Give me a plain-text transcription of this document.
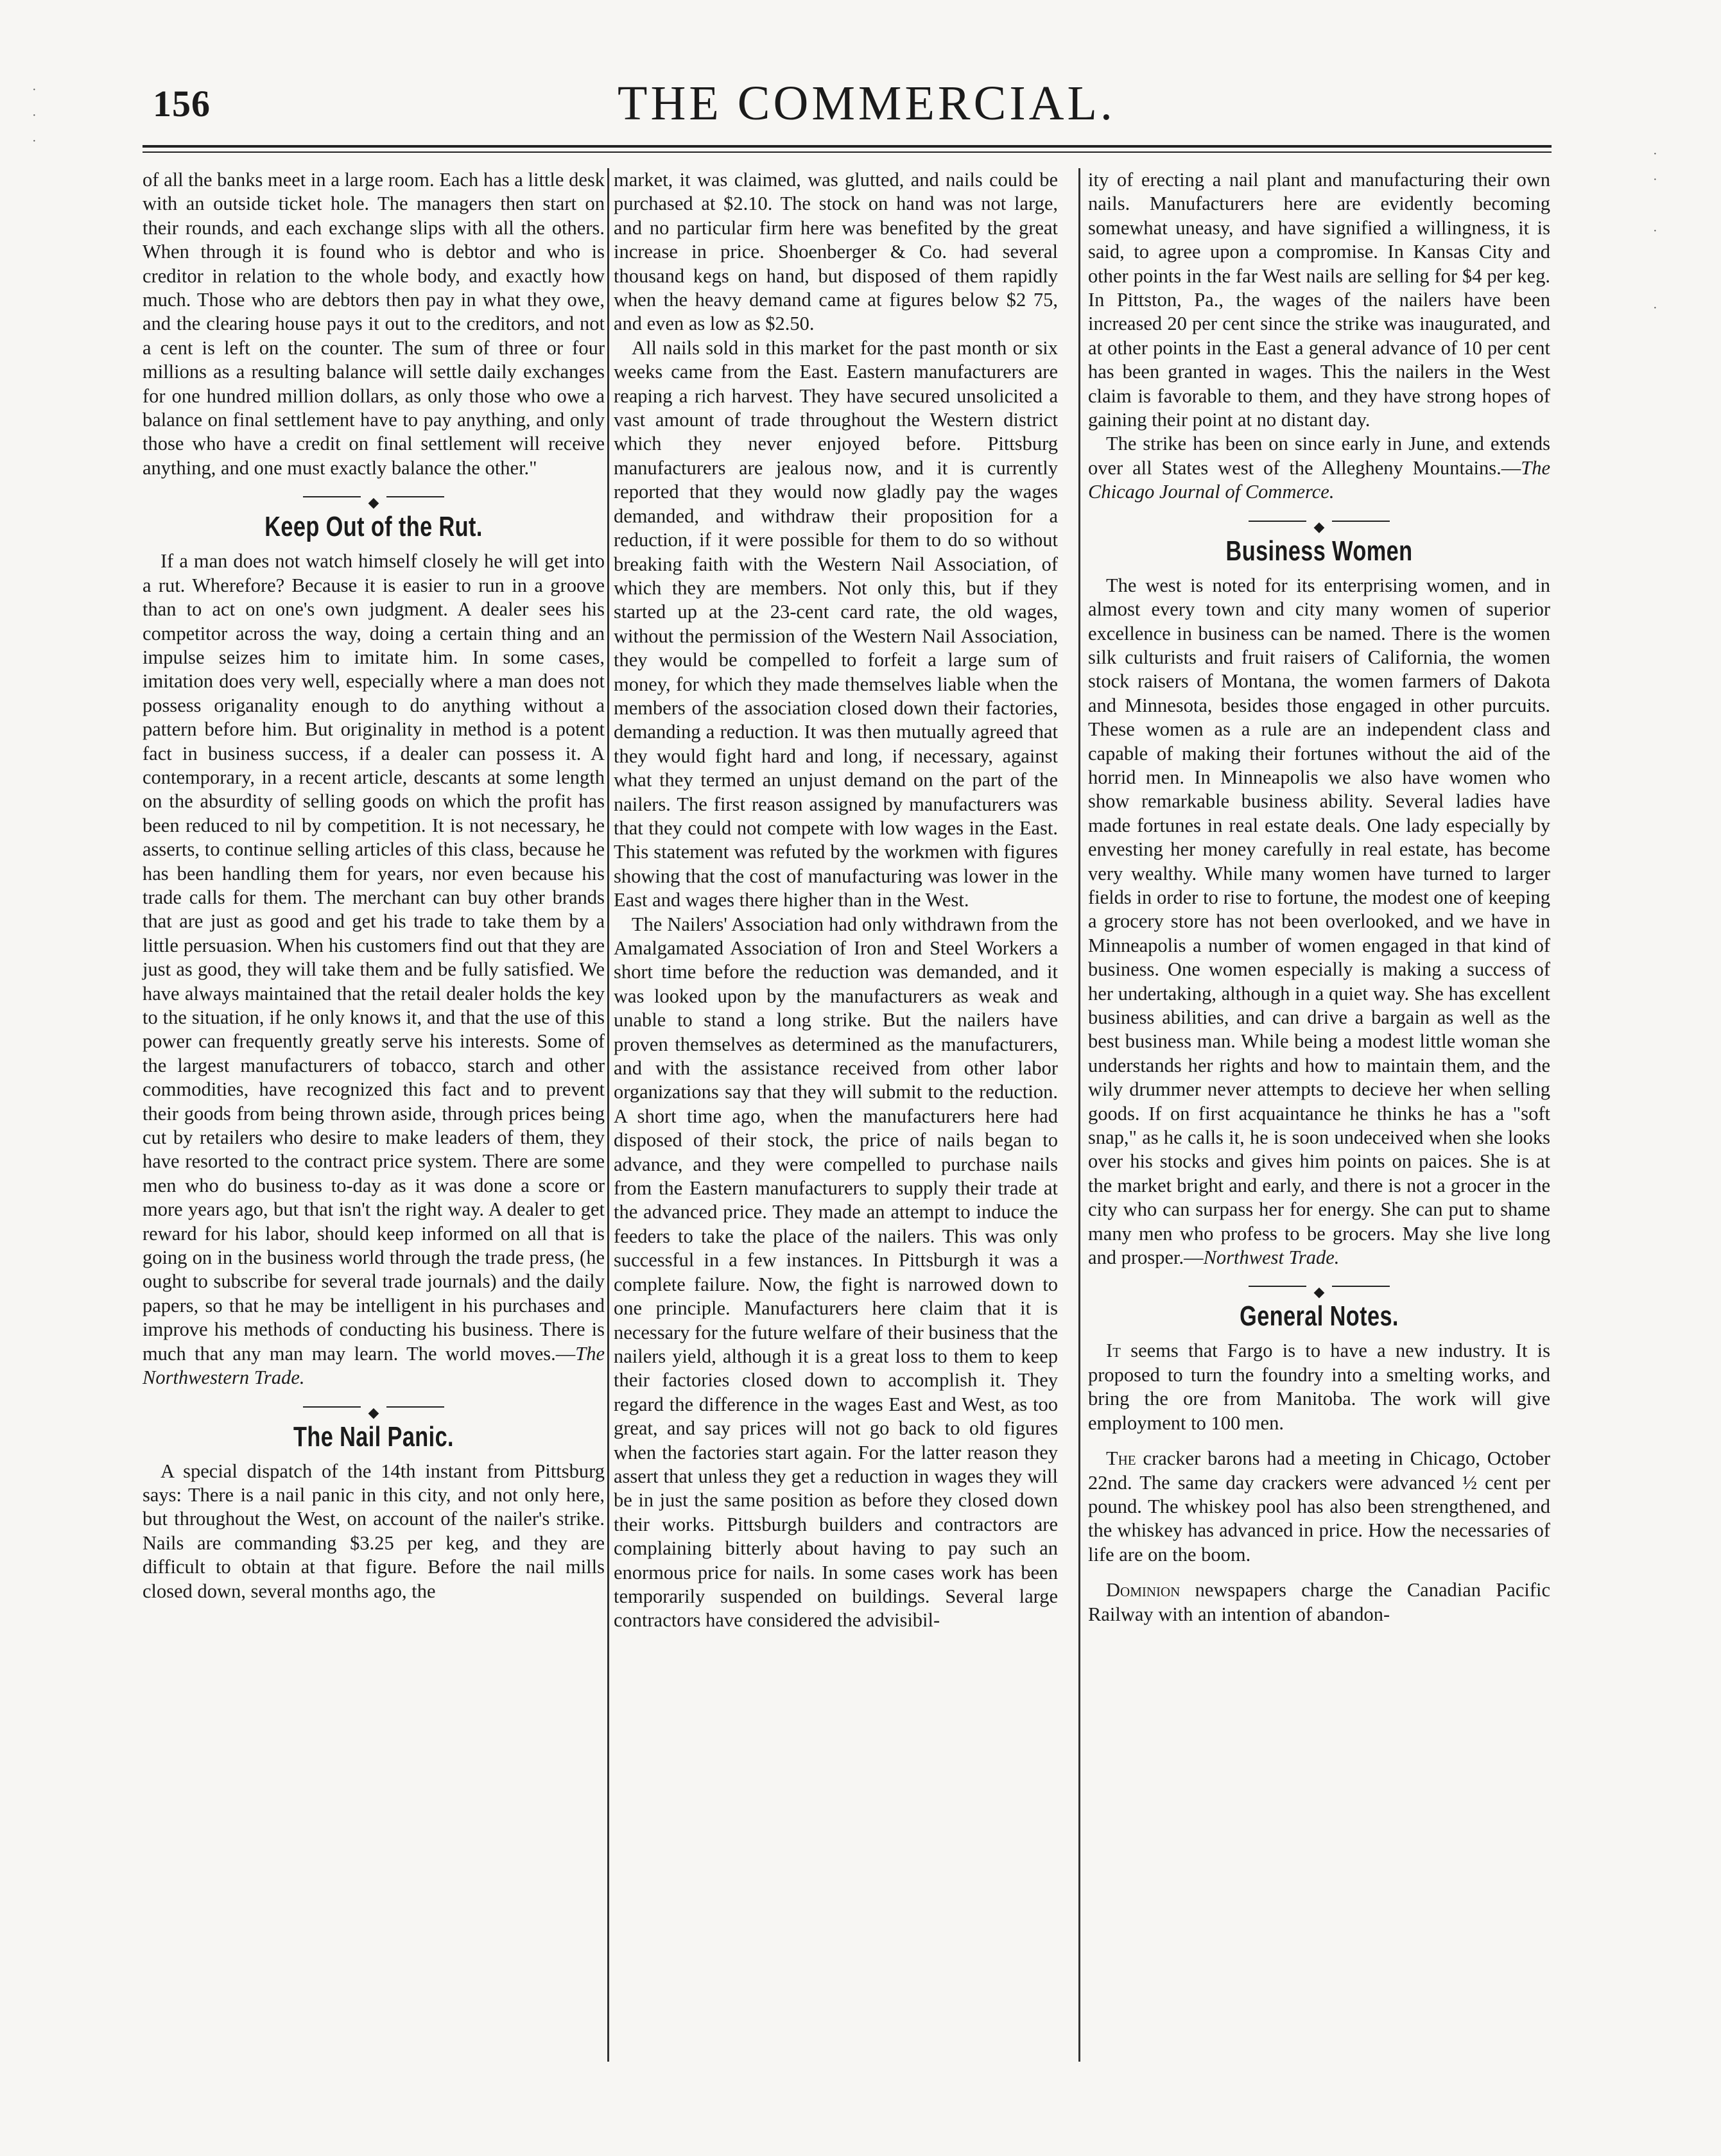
156	THE COMMERCIAL.

of all the banks meet in a large room. Each has a little desk with an outside ticket hole. The managers then start on their rounds, and each exchange slips with all the others. When through it is found who is debtor and who is creditor in relation to the whole body, and exactly how much. Those who are debtors then pay in what they owe, and the clearing house pays it out to the creditors, and not a cent is left on the counter. The sum of three or four millions as a resulting balance will settle daily exchanges for one hundred million dollars, as only those who owe a balance on final settlement have to pay anything, and only those who have a credit on final settlement will receive anything, and one must exactly balance the other."

◆
Keep Out of the Rut.

If a man does not watch himself closely he will get into a rut. Wherefore? Because it is easier to run in a groove than to act on one's own judgment. A dealer sees his competitor across the way, doing a certain thing and an impulse seizes him to imitate him. In some cases, imitation does very well, especially where a man does not possess origanality enough to do anything without a pattern before him. But originality in method is a potent fact in business success, if a dealer can possess it. A contemporary, in a recent article, descants at some length on the absurdity of selling goods on which the profit has been reduced to nil by competition. It is not necessary, he asserts, to continue selling articles of this class, because he has been handling them for years, nor even because his trade calls for them. The merchant can buy other brands that are just as good and get his trade to take them by a little persuasion. When his customers find out that they are just as good, they will take them and be fully satisfied. We have always maintained that the retail dealer holds the key to the situation, if he only knows it, and that the use of this power can frequently greatly serve his interests. Some of the largest manufacturers of tobacco, starch and other commodities, have recognized this fact and to prevent their goods from being thrown aside, through prices being cut by retailers who desire to make leaders of them, they have resorted to the contract price system. There are some men who do business to-day as it was done a score or more years ago, but that isn't the right way. A dealer to get reward for his labor, should keep informed on all that is going on in the business world through the trade press, (he ought to subscribe for several trade journals) and the daily papers, so that he may be intelligent in his purchases and improve his methods of conducting his business. There is much that any man may learn. The world moves.—The Northwestern Trade.

◆
The Nail Panic.

A special dispatch of the 14th instant from Pittsburg says: There is a nail panic in this city, and not only here, but throughout the West, on account of the nailer's strike. Nails are commanding $3.25 per keg, and they are difficult to obtain at that figure. Before the nail mills closed down, several months ago, the

market, it was claimed, was glutted, and nails could be purchased at $2.10. The stock on hand was not large, and no particular firm here was benefited by the great increase in price. Shoenberger & Co. had several thousand kegs on hand, but disposed of them rapidly when the heavy demand came at figures below $2 75, and even as low as $2.50.

All nails sold in this market for the past month or six weeks came from the East. Eastern manufacturers are reaping a rich harvest. They have secured unsolicited a vast amount of trade throughout the Western district which they never enjoyed before. Pittsburg manufacturers are jealous now, and it is currently reported that they would now gladly pay the wages demanded, and withdraw their proposition for a reduction, if it were possible for them to do so without breaking faith with the Western Nail Association, of which they are members. Not only this, but if they started up at the 23-cent card rate, the old wages, without the permission of the Western Nail Association, they would be compelled to forfeit a large sum of money, for which they made themselves liable when the members of the association closed down their factories, demanding a reduction. It was then mutually agreed that they would fight hard and long, if necessary, against what they termed an unjust demand on the part of the nailers. The first reason assigned by manufacturers was that they could not compete with low wages in the East. This statement was refuted by the workmen with figures showing that the cost of manufacturing was lower in the East and wages there higher than in the West.

The Nailers' Association had only withdrawn from the Amalgamated Association of Iron and Steel Workers a short time before the reduction was demanded, and it was looked upon by the manufacturers as weak and unable to stand a long strike. But the nailers have proven themselves as determined as the manufacturers, and with the assistance received from other labor organizations say that they will submit to the reduction. A short time ago, when the manufacturers here had disposed of their stock, the price of nails began to advance, and they were compelled to purchase nails from the Eastern manufacturers to supply their trade at the advanced price. They made an attempt to induce the feeders to take the place of the nailers. This was only successful in a few instances. In Pittsburgh it was a complete failure. Now, the fight is narrowed down to one principle. Manufacturers here claim that it is necessary for the future welfare of their business that the nailers yield, although it is a great loss to them to keep their factories closed down to accomplish it. They regard the difference in the wages East and West, as too great, and say prices will not go back to old figures when the factories start again. For the latter reason they assert that unless they get a reduction in wages they will be in just the same position as before they closed down their works. Pittsburgh builders and contractors are complaining bitterly about having to pay such an enormous price for nails. In some cases work has been temporarily suspended on buildings. Several large contractors have considered the advisibil-

ity of erecting a nail plant and manufacturing their own nails. Manufacturers here are evidently becoming somewhat uneasy, and have signified a willingness, it is said, to agree upon a compromise. In Kansas City and other points in the far West nails are selling for $4 per keg. In Pittston, Pa., the wages of the nailers have been increased 20 per cent since the strike was inaugurated, and at other points in the East a general advance of 10 per cent has been granted in wages. This the nailers in the West claim is favorable to them, and they have strong hopes of gaining their point at no distant day.

The strike has been on since early in June, and extends over all States west of the Allegheny Mountains.—The Chicago Journal of Commerce.

◆
Business Women

The west is noted for its enterprising women, and in almost every town and city many women of superior excellence in business can be named. There is the women silk culturists and fruit raisers of California, the women stock raisers of Montana, the women farmers of Dakota and Minnesota, besides those engaged in other purcuits. These women as a rule are an independent class and capable of making their fortunes without the aid of the horrid men. In Minneapolis we also have women who show remarkable business ability. Several ladies have made fortunes in real estate deals. One lady especially by envesting her money carefully in real estate, has become very wealthy. While many women have turned to larger fields in order to rise to fortune, the modest one of keeping a grocery store has not been overlooked, and we have in Minneapolis a number of women engaged in that kind of business. One women especially is making a success of her undertaking, although in a quiet way. She has excellent business abilities, and can drive a bargain as well as the best business man. While being a modest little woman she understands her rights and how to maintain them, and the wily drummer never attempts to decieve her when selling goods. If on first acquaintance he thinks he has a "soft snap," as he calls it, he is soon undeceived when she looks over his stocks and gives him points on paices. She is at the market bright and early, and there is not a grocer in the city who can surpass her for energy. She can put to shame many men who profess to be grocers. May she live long and prosper.—Northwest Trade.

◆
General Notes.

It seems that Fargo is to have a new industry. It is proposed to turn the foundry into a smelting works, and bring the ore from Manitoba. The work will give employment to 100 men.

The cracker barons had a meeting in Chicago, October 22nd. The same day crackers were advanced ½ cent per pound. The whiskey pool has also been strengthened, and the whiskey has advanced in price. How the necessaries of life are on the boom.

Dominion newspapers charge the Canadian Pacific Railway with an intention of abandon-

·
·
·
·
·

·

·
